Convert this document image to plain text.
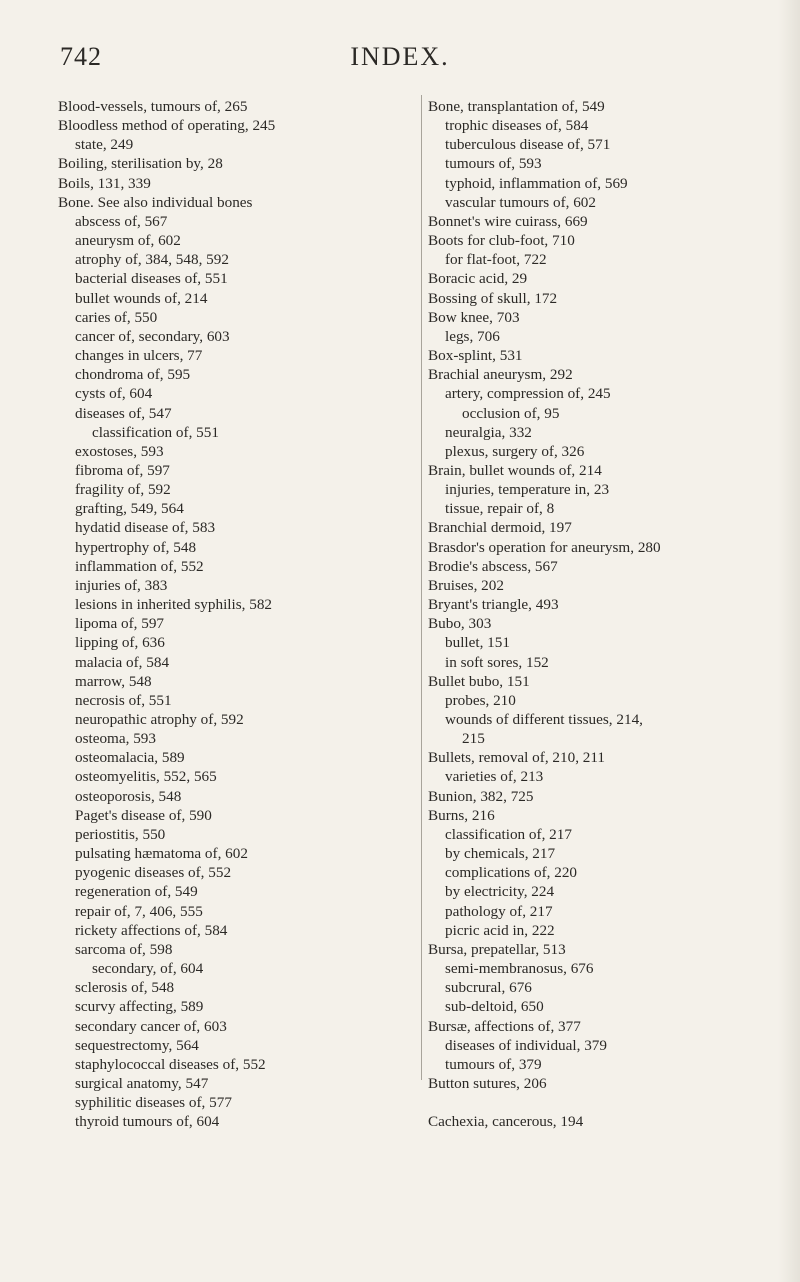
742	INDEX.
Blood-vessels, tumours of, 265
Bloodless method of operating, 245
state, 249
Boiling, sterilisation by, 28
Boils, 131, 339
Bone. See also individual bones
abscess of, 567
aneurysm of, 602
atrophy of, 384, 548, 592
bacterial diseases of, 551
bullet wounds of, 214
caries of, 550
cancer of, secondary, 603
changes in ulcers, 77
chondroma of, 595
cysts of, 604
diseases of, 547
classification of, 551
exostoses, 593
fibroma of, 597
fragility of, 592
grafting, 549, 564
hydatid disease of, 583
hypertrophy of, 548
inflammation of, 552
injuries of, 383
lesions in inherited syphilis, 582
lipoma of, 597
lipping of, 636
malacia of, 584
marrow, 548
necrosis of, 551
neuropathic atrophy of, 592
osteoma, 593
osteomalacia, 589
osteomyelitis, 552, 565
osteoporosis, 548
Paget's disease of, 590
periostitis, 550
pulsating hæmatoma of, 602
pyogenic diseases of, 552
regeneration of, 549
repair of, 7, 406, 555
rickety affections of, 584
sarcoma of, 598
secondary, of, 604
sclerosis of, 548
scurvy affecting, 589
secondary cancer of, 603
sequestrectomy, 564
staphylococcal diseases of, 552
surgical anatomy, 547
syphilitic diseases of, 577
thyroid tumours of, 604
Bone, transplantation of, 549
trophic diseases of, 584
tuberculous disease of, 571
tumours of, 593
typhoid, inflammation of, 569
vascular tumours of, 602
Bonnet's wire cuirass, 669
Boots for club-foot, 710
for flat-foot, 722
Boracic acid, 29
Bossing of skull, 172
Bow knee, 703
legs, 706
Box-splint, 531
Brachial aneurysm, 292
artery, compression of, 245
occlusion of, 95
neuralgia, 332
plexus, surgery of, 326
Brain, bullet wounds of, 214
injuries, temperature in, 23
tissue, repair of, 8
Branchial dermoid, 197
Brasdor's operation for aneurysm, 280
Brodie's abscess, 567
Bruises, 202
Bryant's triangle, 493
Bubo, 303
bullet, 151
in soft sores, 152
Bullet bubo, 151
probes, 210
wounds of different tissues, 214,
215
Bullets, removal of, 210, 211
varieties of, 213
Bunion, 382, 725
Burns, 216
classification of, 217
by chemicals, 217
complications of, 220
by electricity, 224
pathology of, 217
picric acid in, 222
Bursa, prepatellar, 513
semi-membranosus, 676
subcrural, 676
sub-deltoid, 650
Bursæ, affections of, 377
diseases of individual, 379
tumours of, 379
Button sutures, 206

Cachexia, cancerous, 194
